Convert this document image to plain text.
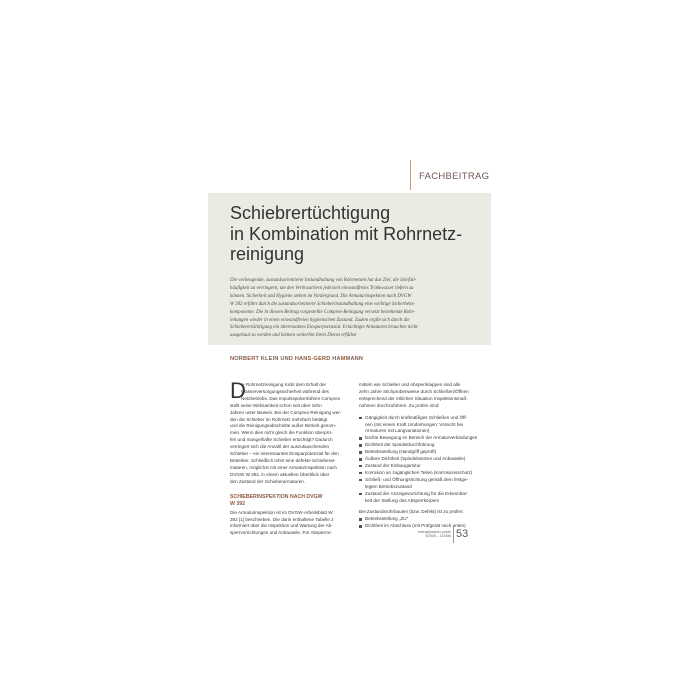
FACHBEITRAG
Schiebrertüchtigung
in Kombination mit Rohrnetz-
reinigung
Die vorbeugende, zustandsorientierte Instandhaltung von Rohrnetzen hat das Ziel, die Störfall-
häufigkeit zu verringern, um den Verbrauchern jederzeit einwandfreies Trinkwasser liefern zu
können. Sicherheit und Hygiene stehen im Vordergrund. Die Armaturinspektion nach DVGW
W 392 erfährt durch die zustandsorientierte Schieberinstandhaltung eine wichtige Sicherheits-
komponente. Die in diesem Beitrag vorgestellte Comprex-Reinigung versetzt bestehende Rohr-
leitungen wieder in einen einwandfreien hygienischen Zustand. Zudem ergibt sich durch die
Schieberertüchtigung ein interessantes Einsparpotenzial. Ertüchtigte Armaturen brauchen nicht
ausgebaut zu werden und können weiterhin ihren Dienst erfüllen
NORBERT KLEIN UND HANS-GERD HAMMANN
D
ie Rohrnetzreinigung rückt dem Erhalt der
Wasserversorgungssicherheit während des
Netzbetriebs. Das Impulsspülverfahren Comprex
stellt seine Wirksamkeit schon seit über zehn
Jahren unter Beweis. Bei der Comprex-Reinigung wer-
den die Schieber im Rohrnetz mehrfach betätigt
und die Reinigungsabschnitte außer Betrieb genom-
men. Wenn dies nicht gleich die Funktion überprü-
fen und mangelhafte Schieber ertüchtigt? Dadurch
verringert sich die Anzahl der auszutauschenden
Schieber – ein interessantes Einsparpotenzial für den
Betreiber. Schließlich lohnt eine defekte Schieberar-
maturen, möglichst mit einer Armaturinspektion nach
DVGW W 392, in einem aktuellen Überblick über
den Zustand der Schieberarmaturen.
SCHIEBERINSPEKTION NACH DVGW
W 392
Die Armaturinspektion ist im DVGW-Arbeitsblatt W
392 [1] beschrieben. Die darin enthaltene Tabelle 2
informiert über die Inspektion und Wartung der Ab-
sperrvorrichtungen und Anbauteile. Für Absperror-
mitteln wie Schieber und Absperrklappen sind alle
zehn Jahre Stichprobenweise durch Schließen/Öffnen
entsprechend der örtlichen Situation Inspektionsmaß-
nahmen durchzuführen. Zu prüfen sind:
Gängigkeit durch kraftmäßiges Schließen und Öff-
nen (mit einem Kraft Umdrehungen; Vorsicht bei
Armaturen mit Langvariationen)
leichte Bewegung im Bereich der Armaturverbindungen
Dichtheit der Spindeldurchführung
Betriebsstellung (Handgriff geprüft)
Äußere Dichtheit (Spindelstutzen und Anbauteile)
Zustand der Einbaugarnitur
Korrosion an zugänglichen Teilen (Korrosionsschutz)
Schließ- und Öffnungsrichtung gemäß dem festge-
legten Betriebszustand
Zustand der Anzeigevorrichtung für die Erkennbar-
keit der Stellung des Absperrkörpers
Bei Zustandsrohrbauten (bzw. Defekt) ist zu prüfen:
Betriebsstellung „ZU“
Dichtheit im Abschluss (mit Prüfgerät nach unten)
energie|wasser-praxis
4/2008 – 123456 53
